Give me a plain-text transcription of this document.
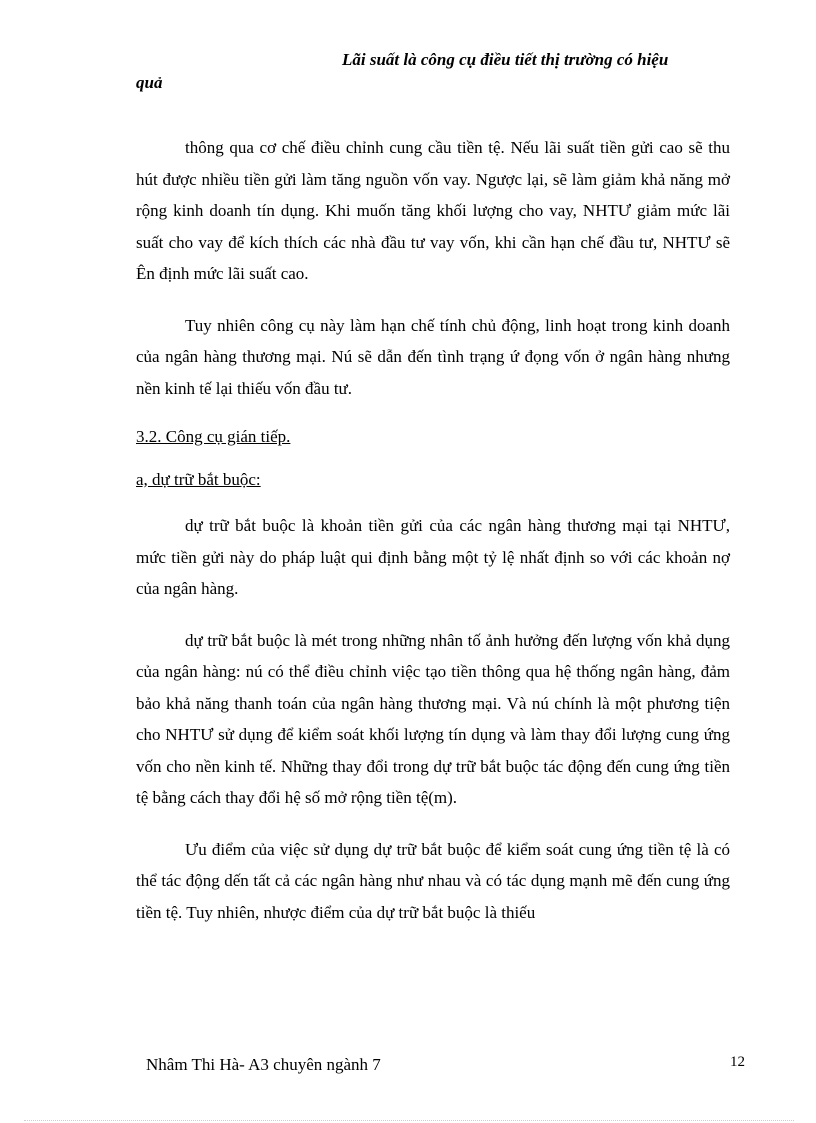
Lãi suất là công cụ điều tiết thị trường có hiệu
quả

thông qua cơ chế điều chỉnh cung cầu tiền tệ. Nếu lãi suất tiền gửi cao sẽ thu hút được nhiều tiền gửi làm tăng nguồn vốn vay. Ngược lại, sẽ làm giảm khả năng mở rộng kinh doanh tín dụng. Khi muốn tăng khối lượng cho vay, NHTƯ giảm mức lãi suất cho vay để kích thích các nhà đầu tư vay vốn, khi cần hạn chế đầu tư, NHTƯ sẽ Ên định mức lãi suất cao.

Tuy nhiên công cụ này làm hạn chế tính chủ động, linh hoạt trong kinh doanh của ngân hàng thương mại. Nú sẽ dẫn đến tình trạng ứ đọng vốn ở ngân hàng nhưng nền kinh tế lại thiếu vốn đầu tư.

3.2. Công cụ gián tiếp.

a, dự trữ bắt buộc:

dự trữ bắt buộc là khoản tiền gửi của các ngân hàng thương mại tại NHTƯ, mức tiền gửi này do pháp luật qui định bằng một tỷ lệ nhất định so với các khoản nợ của ngân hàng.

dự trữ bắt buộc là mét trong những nhân tố ảnh hưởng đến lượng vốn khả dụng của ngân hàng: nú có thể điều chỉnh việc tạo tiền thông qua hệ thống ngân hàng, đảm bảo khả năng thanh toán của ngân hàng thương mại. Và nú chính là một phương tiện cho NHTƯ sử dụng để kiểm soát khối lượng tín dụng và làm thay đổi lượng cung ứng vốn cho nền kinh tế. Những thay đổi trong dự trữ bắt buộc tác động đến cung ứng tiền tệ bằng cách thay đổi hệ số mở rộng tiền tệ(m).

Ưu điểm của việc sử dụng dự trữ bắt buộc để kiểm soát cung ứng tiền tệ là có thể tác động dến tất cả các ngân hàng như nhau và có tác dụng mạnh mẽ đến cung ứng tiền tệ. Tuy nhiên, nhược điểm của dự trữ bắt buộc là thiếu

Nhâm Thi Hà- A3 chuyên ngành 7	12
